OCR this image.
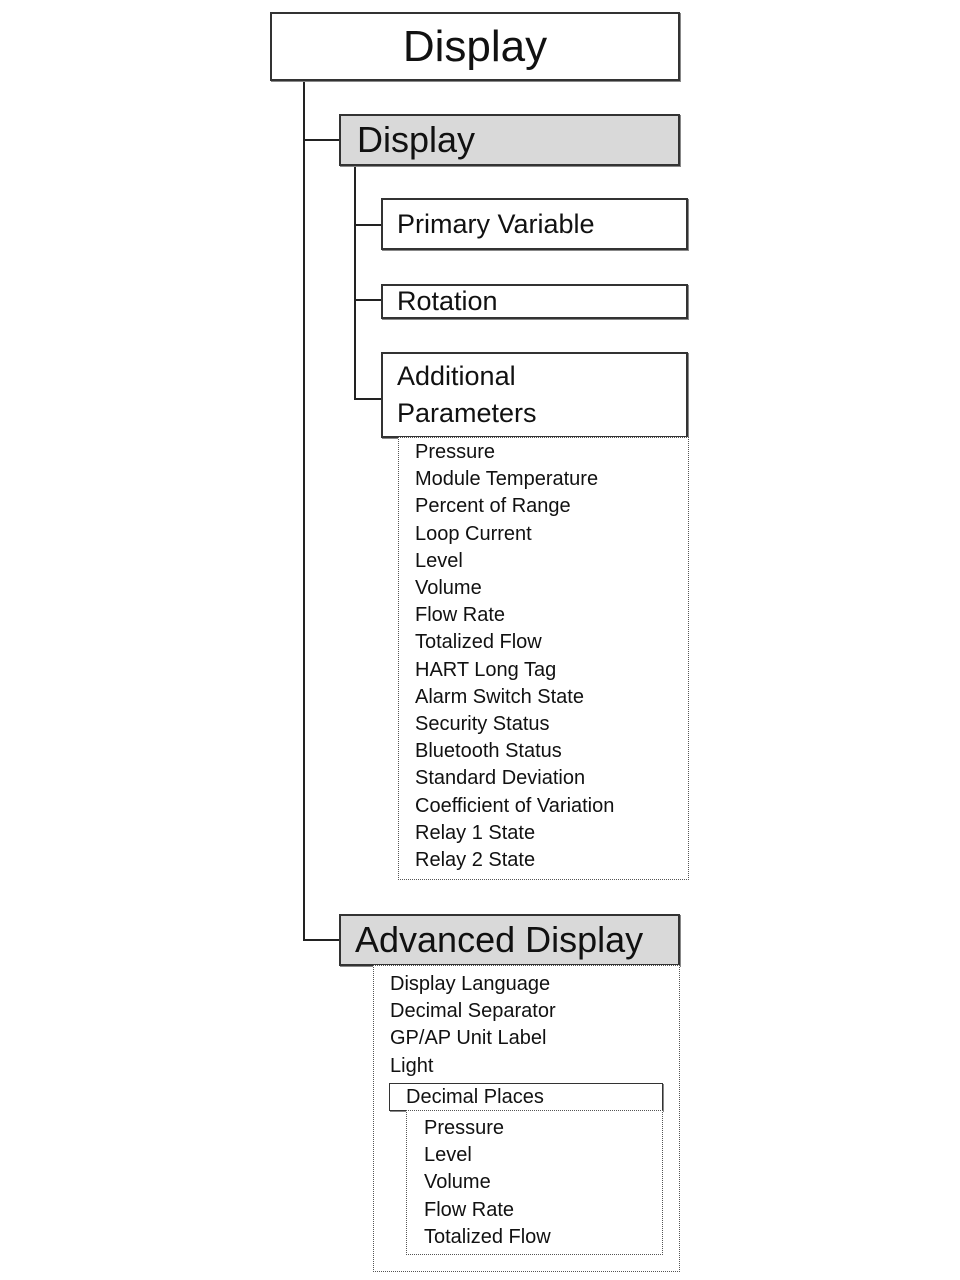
Display
Display
Primary Variable
Rotation
Additional
Parameters
Pressure
Module Temperature
Percent of Range
Loop Current
Level
Volume
Flow Rate
Totalized Flow
HART Long Tag
Alarm Switch State
Security Status
Bluetooth Status
Standard Deviation
Coefficient of Variation
Relay 1 State
Relay 2 State
Advanced Display
Display Language
Decimal Separator
GP/AP Unit Label
Light
Decimal Places
Pressure
Level
Volume
Flow Rate
Totalized Flow
